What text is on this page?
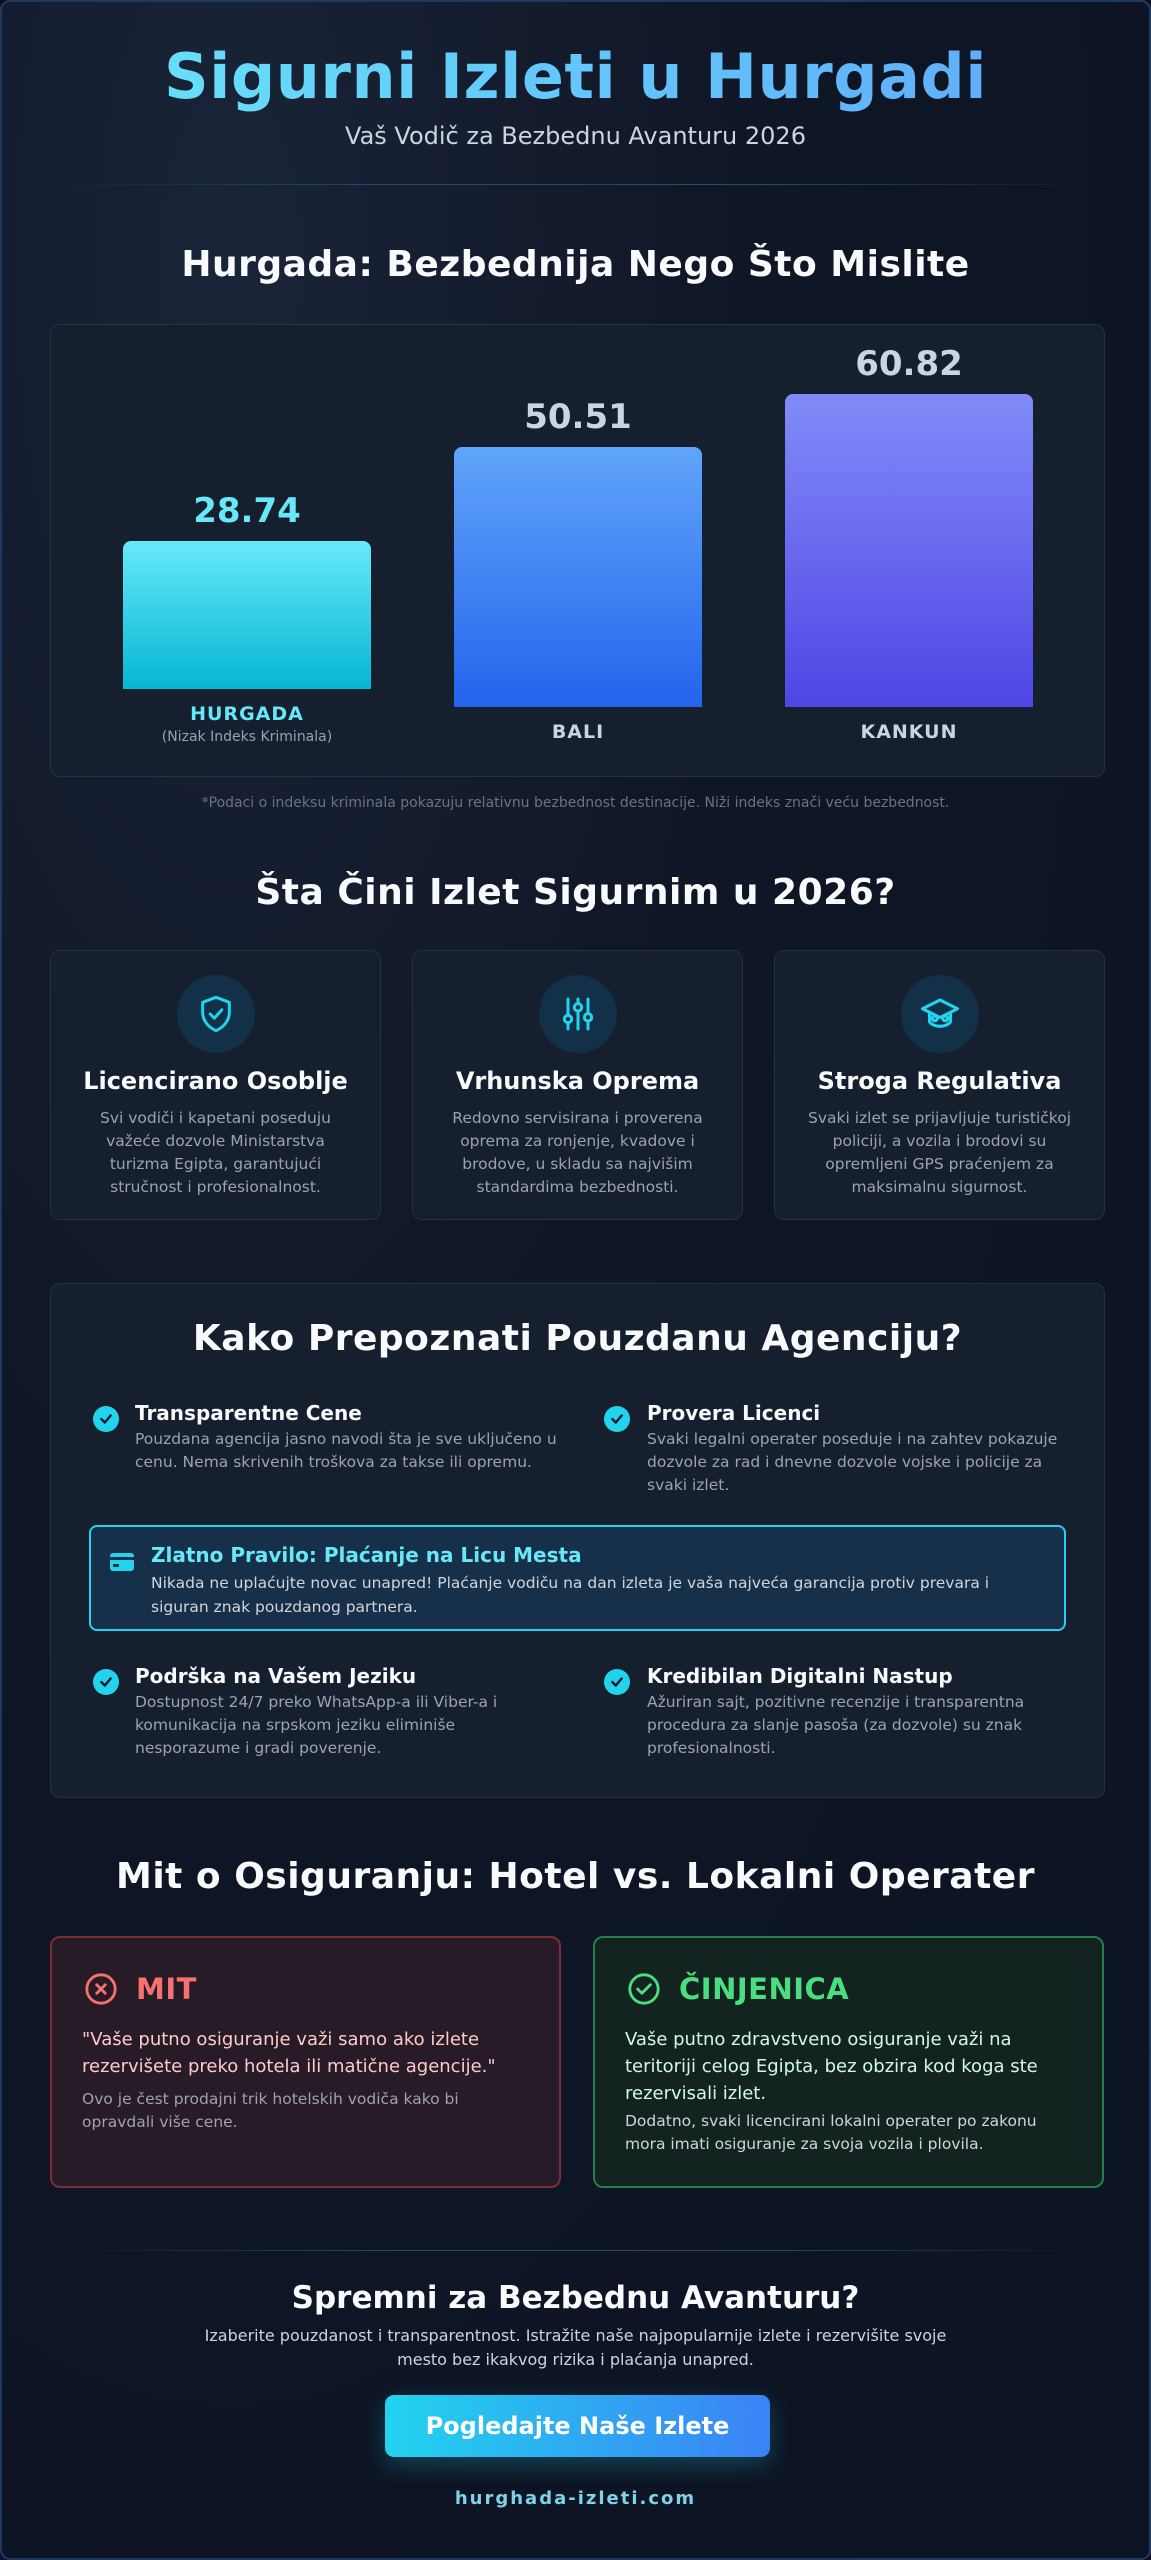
Sigurni Izleti u Hurgadi
Vaš Vodič za Bezbednu Avanturu 2026
Hurgada: Bezbednija Nego Što Mislite
28.74
HURGADA
(Nizak Indeks Kriminala)
50.51
BALI
60.82
KANKUN
*Podaci o indeksu kriminala pokazuju relativnu bezbednost destinacije. Niži indeks znači veću bezbednost.
Šta Čini Izlet Sigurnim u 2026?
Licencirano Osoblje
Svi vodiči i kapetani poseduju važeće dozvole Ministarstva turizma Egipta, garantujući stručnost i profesionalnost.
Vrhunska Oprema
Redovno servisirana i proverena oprema za ronjenje, kvadove i brodove, u skladu sa najvišim standardima bezbednosti.
Stroga Regulativa
Svaki izlet se prijavljuje turističkoj policiji, a vozila i brodovi su opremljeni GPS praćenjem za maksimalnu sigurnost.
Kako Prepoznati Pouzdanu Agenciju?
Transparentne Cene
Pouzdana agencija jasno navodi šta je sve uključeno u cenu. Nema skrivenih troškova za takse ili opremu.
Provera Licenci
Svaki legalni operater poseduje i na zahtev pokazuje dozvole za rad i dnevne dozvole vojske i policije za svaki izlet.
Zlatno Pravilo: Plaćanje na Licu Mesta
Nikada ne uplaćujte novac unapred! Plaćanje vodiču na dan izleta je vaša najveća garancija protiv prevara i siguran znak pouzdanog partnera.
Podrška na Vašem Jeziku
Dostupnost 24/7 preko WhatsApp-a ili Viber-a i komunikacija na srpskom jeziku eliminiše nesporazume i gradi poverenje.
Kredibilan Digitalni Nastup
Ažuriran sajt, pozitivne recenzije i transparentna procedura za slanje pasoša (za dozvole) su znak profesionalnosti.
Mit o Osiguranju: Hotel vs. Lokalni Operater
MIT
"Vaše putno osiguranje važi samo ako izlete rezervišete preko hotela ili matične agencije."
Ovo je čest prodajni trik hotelskih vodiča kako bi opravdali više cene.
ČINJENICA
Vaše putno zdravstveno osiguranje važi na teritoriji celog Egipta, bez obzira kod koga ste rezervisali izlet.
Dodatno, svaki licencirani lokalni operater po zakonu mora imati osiguranje za svoja vozila i plovila.
Spremni za Bezbednu Avanturu?
Izaberite pouzdanost i transparentnost. Istražite naše najpopularnije izlete i rezervišite svoje mesto bez ikakvog rizika i plaćanja unapred.
Pogledajte Naše Izlete
hurghada-izleti.com
